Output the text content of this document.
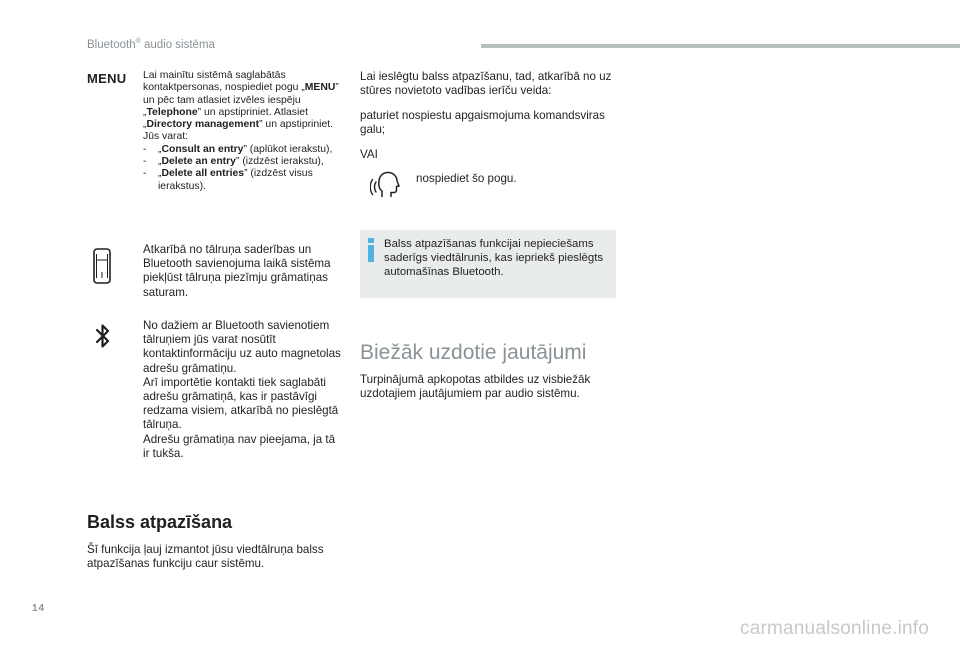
Bluetooth® audio sistēma
MENU Lai mainītu sistēmā saglabātās kontaktpersonas, nospiediet pogu „MENU” un pēc tam atlasiet izvēles iespēju „Telephone” un apstipriniet. Atlasiet „Directory management” un apstipriniet.
Jūs varat:
- „Consult an entry” (aplūkot ierakstu),
- „Delete an entry” (izdzēst ierakstu),
- „Delete all entries” (izdzēst visus ierakstus).
Atkarībā no tālruņa saderības un Bluetooth savienojuma laikā sistēma piekļūst tālruņa piezīmju grāmatiņas saturam.
No dažiem ar Bluetooth savienotiem tālruņiem jūs varat nosūtīt kontaktinformāciju uz auto magnetolas adrešu grāmatiņu.
Arī importētie kontakti tiek saglabāti adrešu grāmatiņā, kas ir pastāvīgi redzama visiem, atkarībā no pieslēgtā tālruņa.
Adrešu grāmatiņa nav pieejama, ja tā ir tukša.
Balss atpazīšana
Šī funkcija ļauj izmantot jūsu viedtālruņa balss atpazīšanas funkciju caur sistēmu.
Lai ieslēgtu balss atpazīšanu, tad, atkarībā no uz stūres novietoto vadības ierīču veida:
paturiet nospiestu apgaismojuma komandsviras galu;
VAI
nospiediet šo pogu.
Balss atpazīšanas funkcijai nepieciešams saderīgs viedtālrunis, kas iepriekš pieslēgts automašīnas Bluetooth.
Biežāk uzdotie jautājumi
Turpinājumā apkopotas atbildes uz visbiežāk uzdotajiem jautājumiem par audio sistēmu.
14
carmanualsonline.info
